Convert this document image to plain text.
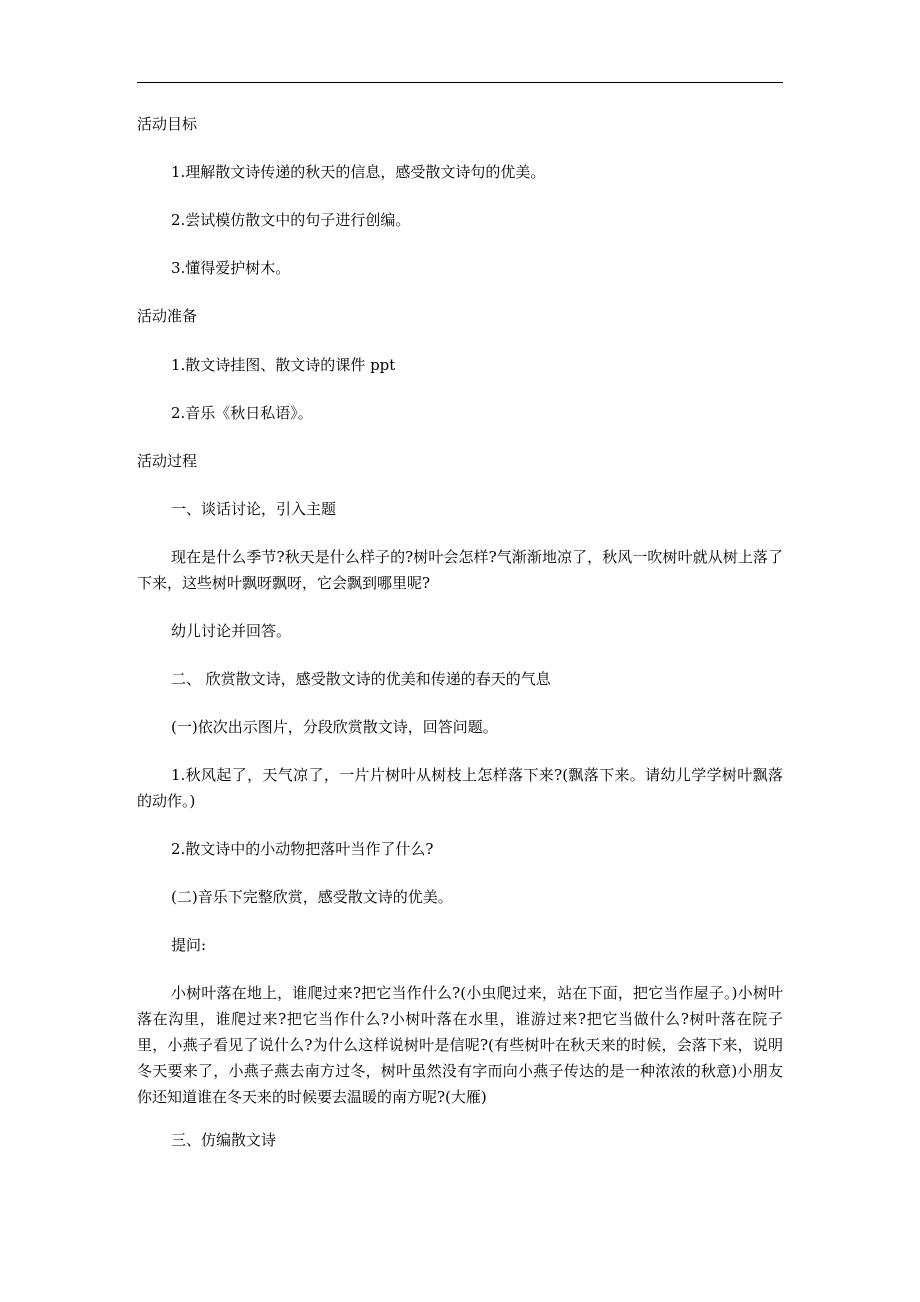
活动目标

1.理解散文诗传递的秋天的信息，感受散文诗句的优美。

2.尝试模仿散文中的句子进行创编。

3.懂得爱护树木。

活动准备

1.散文诗挂图、散文诗的课件 ppt

2.音乐《秋日私语》。

活动过程

一、谈话讨论，引入主题

现在是什么季节?秋天是什么样子的?树叶会怎样?气渐渐地凉了，秋风一吹树叶就从树上落了下来，这些树叶飘呀飘呀，它会飘到哪里呢?

幼儿讨论并回答。

二、 欣赏散文诗，感受散文诗的优美和传递的春天的气息

(一)依次出示图片，分段欣赏散文诗，回答问题。

1.秋风起了，天气凉了，一片片树叶从树枝上怎样落下来?(飘落下来。请幼儿学学树叶飘落的动作。)

2.散文诗中的小动物把落叶当作了什么?

(二)音乐下完整欣赏，感受散文诗的优美。

提问:

小树叶落在地上，谁爬过来?把它当作什么?(小虫爬过来，站在下面，把它当作屋子。)小树叶落在沟里，谁爬过来?把它当作什么?小树叶落在水里，谁游过来?把它当做什么?树叶落在院子里，小燕子看见了说什么?为什么这样说树叶是信呢?(有些树叶在秋天来的时候，会落下来，说明冬天要来了，小燕子燕去南方过冬，树叶虽然没有字而向小燕子传达的是一种浓浓的秋意)小朋友你还知道谁在冬天来的时候要去温暖的南方呢?(大雁)

三、仿编散文诗
